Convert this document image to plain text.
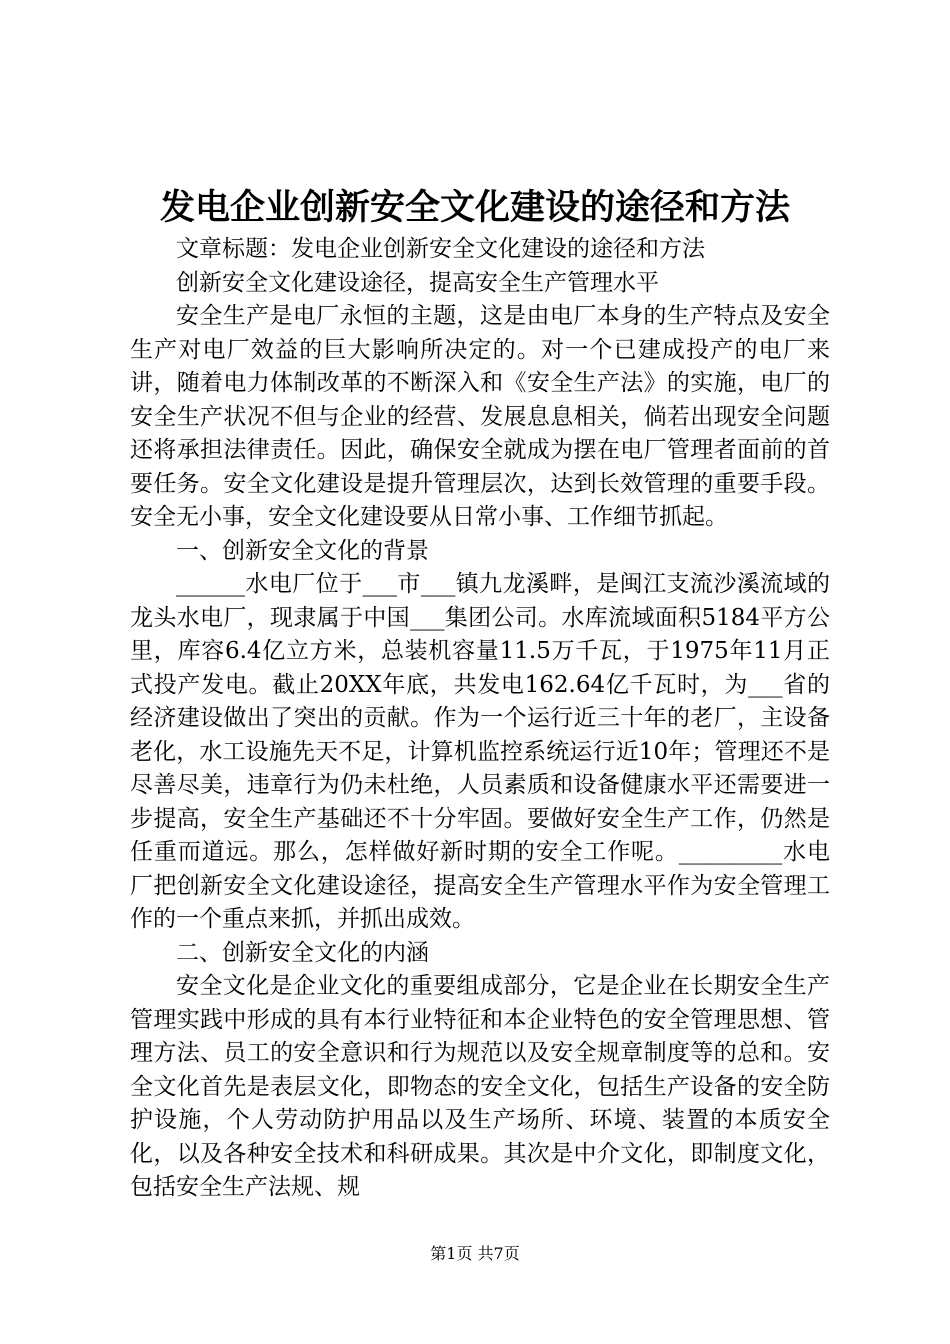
发电企业创新安全文化建设的途径和方法

文章标题：发电企业创新安全文化建设的途径和方法

创新安全文化建设途径，提高安全生产管理水平

安全生产是电厂永恒的主题，这是由电厂本身的生产特点及安全生产对电厂效益的巨大影响所决定的。对一个已建成投产的电厂来讲，随着电力体制改革的不断深入和《安全生产法》的实施，电厂的安全生产状况不但与企业的经营、发展息息相关，倘若出现安全问题还将承担法律责任。因此，确保安全就成为摆在电厂管理者面前的首要任务。安全文化建设是提升管理层次，达到长效管理的重要手段。安全无小事，安全文化建设要从日常小事、工作细节抓起。

一、创新安全文化的背景

______水电厂位于___市___镇九龙溪畔，是闽江支流沙溪流域的龙头水电厂，现隶属于中国___集团公司。水库流域面积5184平方公里，库容6.4亿立方米，总装机容量11.5万千瓦，于1975年11月正式投产发电。截止20XX年底，共发电162.64亿千瓦时，为___省的经济建设做出了突出的贡献。作为一个运行近三十年的老厂，主设备老化，水工设施先天不足，计算机监控系统运行近10年；管理还不是尽善尽美，违章行为仍未杜绝，人员素质和设备健康水平还需要进一步提高，安全生产基础还不十分牢固。要做好安全生产工作，仍然是任重而道远。那么，怎样做好新时期的安全工作呢。_________水电厂把创新安全文化建设途径，提高安全生产管理水平作为安全管理工作的一个重点来抓，并抓出成效。

二、创新安全文化的内涵

安全文化是企业文化的重要组成部分，它是企业在长期安全生产管理实践中形成的具有本行业特征和本企业特色的安全管理思想、管理方法、员工的安全意识和行为规范以及安全规章制度等的总和。安全文化首先是表层文化，即物态的安全文化，包括生产设备的安全防护设施，个人劳动防护用品以及生产场所、环境、装置的本质安全化，以及各种安全技术和科研成果。其次是中介文化，即制度文化，包括安全生产法规、规

第1页 共7页
